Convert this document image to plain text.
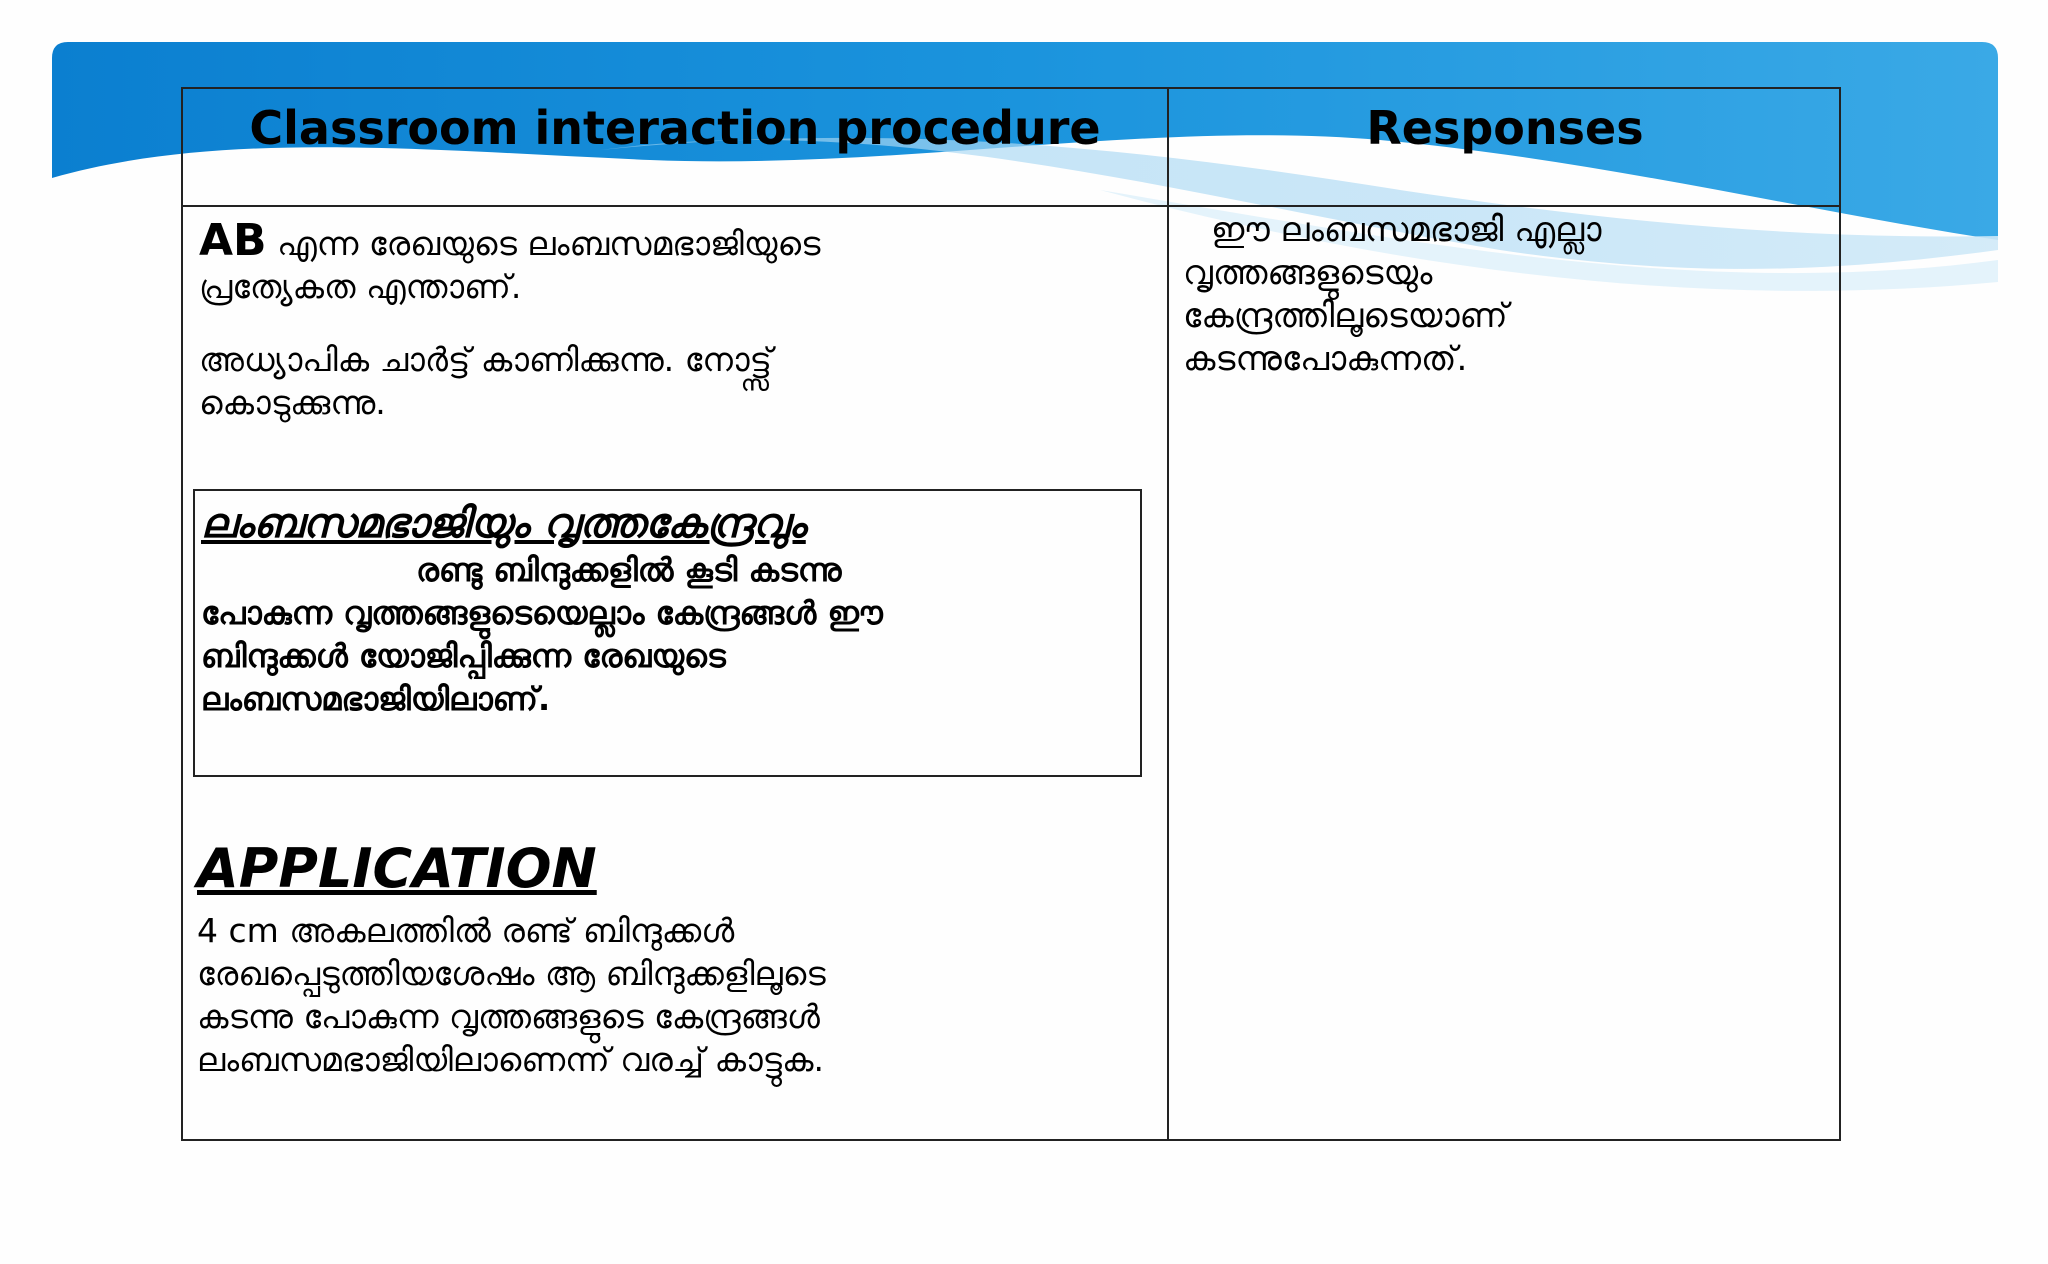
Classroom interaction procedure	Responses

AB എന്ന രേഖയുടെ ലംബസമഭാജിയുടെ

പ്രത്യേകത എന്താണ്.

അധ്യാപിക ചാർട്ട് കാണിക്കുന്നു. നോട്ട്സ്

കൊടുക്കുന്നു.

ഈ ലംബസമഭാജി എല്ലാ
വൃത്തങ്ങളുടെയും
കേന്ദ്രത്തിലൂടെയാണ്
കടന്നുപോകുന്നത്.

ലംബസമഭാജിയും വൃത്തകേന്ദ്രവും

രണ്ടു ബിന്ദുക്കളിൽ കൂടി കടന്നു

പോകുന്ന വൃത്തങ്ങളുടെയെല്ലാം കേന്ദ്രങ്ങൾ ഈ

ബിന്ദുക്കൾ യോജിപ്പിക്കുന്ന രേഖയുടെ

ലംബസമഭാജിയിലാണ്.

APPLICATION
4 cm അകലത്തിൽ രണ്ട് ബിന്ദുക്കൾ
രേഖപ്പെടുത്തിയശേഷം ആ ബിന്ദുക്കളിലൂടെ
കടന്നു പോകുന്ന വൃത്തങ്ങളുടെ കേന്ദ്രങ്ങൾ
ലംബസമഭാജിയിലാണെന്ന് വരച്ച് കാട്ടുക.
